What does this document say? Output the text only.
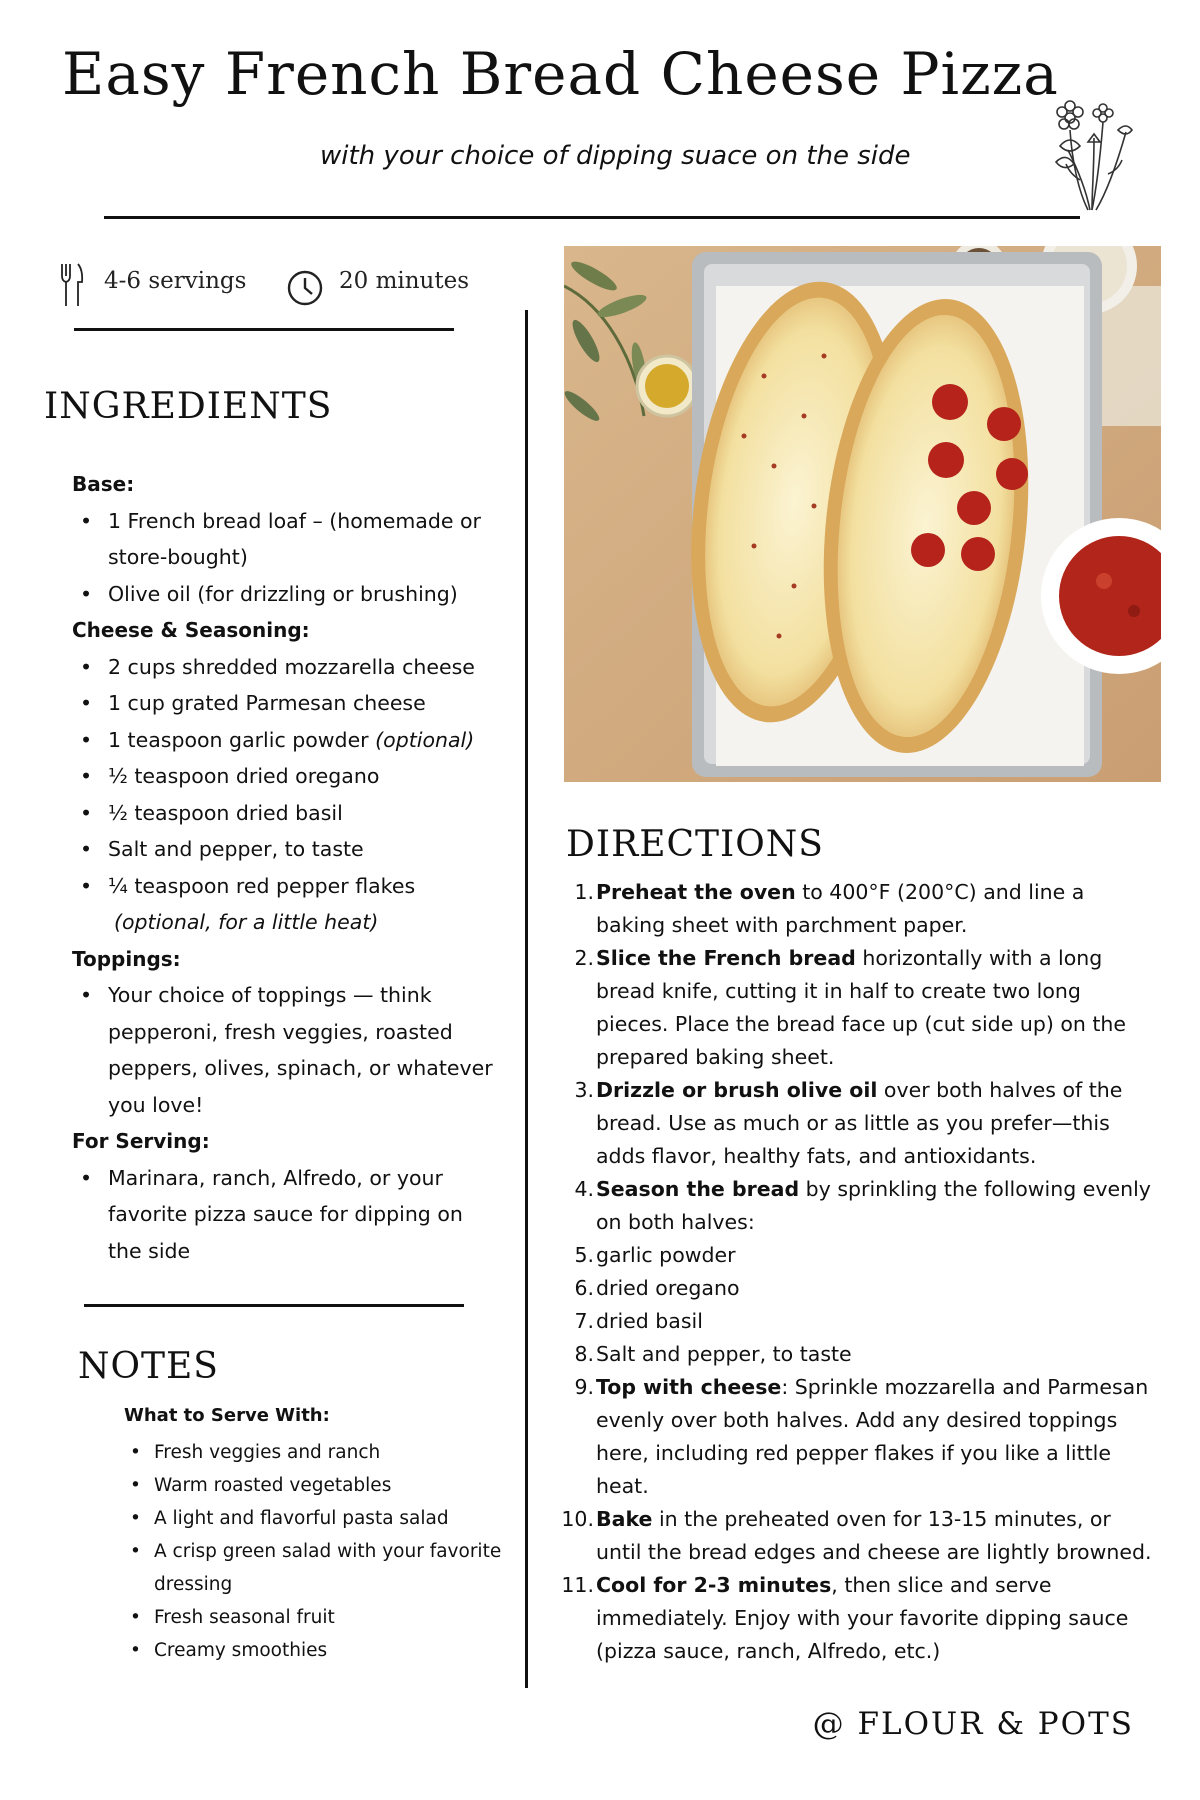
Easy French Bread Cheese Pizza
with your choice of dipping suace on the side
4-6 servings	20 minutes
INGREDIENTS
Base:
• 1 French bread loaf – (homemade or store-bought)
• Olive oil (for drizzling or brushing)
Cheese & Seasoning:
• 2 cups shredded mozzarella cheese
• 1 cup grated Parmesan cheese
• 1 teaspoon garlic powder (optional)
• ½ teaspoon dried oregano
• ½ teaspoon dried basil
• Salt and pepper, to taste
• ¼ teaspoon red pepper flakes
(optional, for a little heat)
Toppings:
• Your choice of toppings — think pepperoni, fresh veggies, roasted peppers, olives, spinach, or whatever you love!
For Serving:
• Marinara, ranch, Alfredo, or your favorite pizza sauce for dipping on the side
NOTES
What to Serve With:
• Fresh veggies and ranch
• Warm roasted vegetables
• A light and flavorful pasta salad
• A crisp green salad with your favorite dressing
• Fresh seasonal fruit
• Creamy smoothies
DIRECTIONS
1. Preheat the oven to 400°F (200°C) and line a baking sheet with parchment paper.
2. Slice the French bread horizontally with a long bread knife, cutting it in half to create two long pieces. Place the bread face up (cut side up) on the prepared baking sheet.
3. Drizzle or brush olive oil over both halves of the bread. Use as much or as little as you prefer—this adds flavor, healthy fats, and antioxidants.
4. Season the bread by sprinkling the following evenly on both halves:
5. garlic powder
6. dried oregano
7. dried basil
8. Salt and pepper, to taste
9. Top with cheese: Sprinkle mozzarella and Parmesan evenly over both halves. Add any desired toppings here, including red pepper flakes if you like a little heat.
10. Bake in the preheated oven for 13-15 minutes, or until the bread edges and cheese are lightly browned.
11. Cool for 2-3 minutes, then slice and serve immediately. Enjoy with your favorite dipping sauce (pizza sauce, ranch, Alfredo, etc.)
@ FLOUR & POTS
